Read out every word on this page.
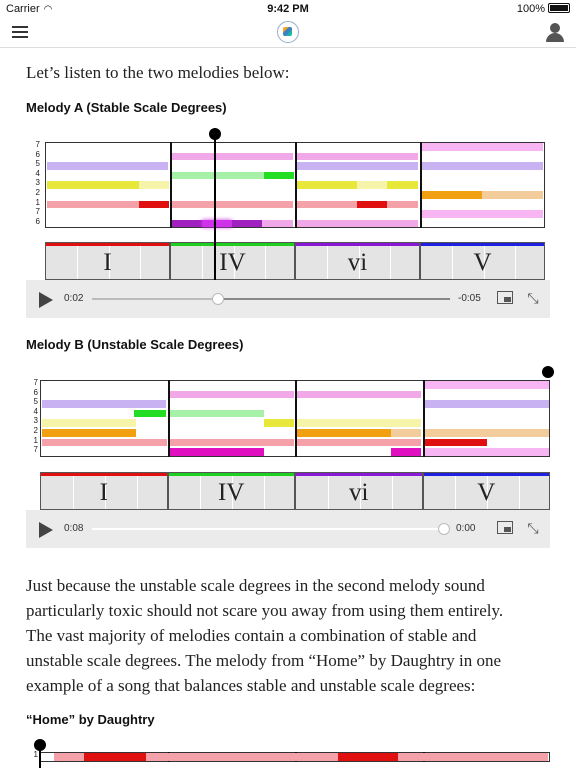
Carrier ◠	9:42 PM	100%
Let’s listen to the two melodies below:
Melody A (Stable Scale Degrees)
7
6
5
4
3
2
1
7
6
I	IV	vi	V
0:02	-0:05	⤡
Melody B (Unstable Scale Degrees)
7
6
5
4
3
2
1
7
I	IV	vi	V
0:08	0:00	⤡
Just because the unstable scale degrees in the second melody sound
particularly toxic should not scare you away from using them entirely.
The vast majority of melodies contain a combination of stable and
unstable scale degrees. The melody from “Home” by Daughtry in one
example of a song that balances stable and unstable scale degrees:
“Home” by Daughtry
1
